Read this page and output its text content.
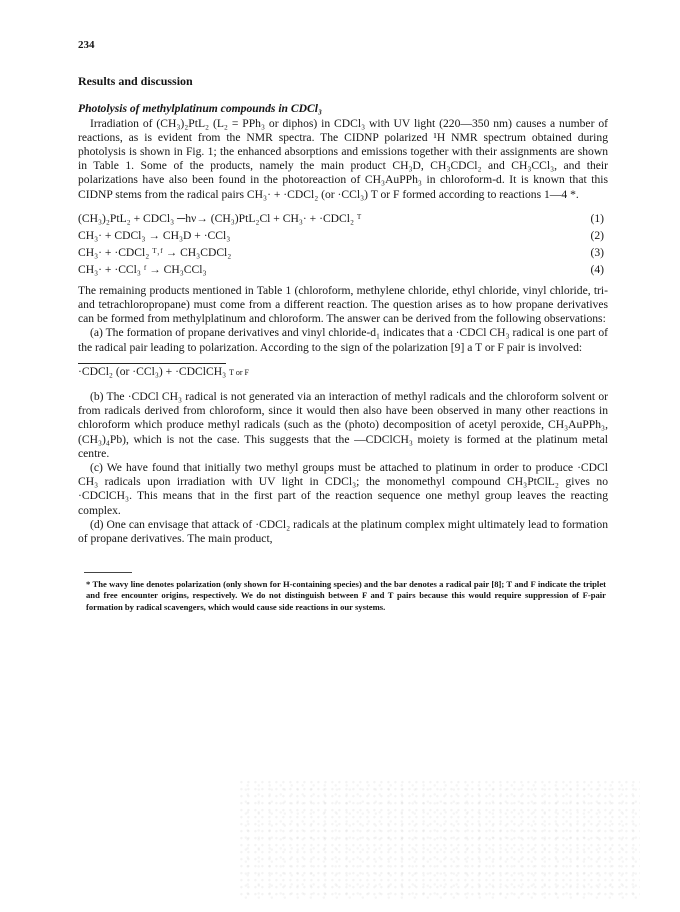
234
Results and discussion
Photolysis of methylplatinum compounds in CDCl₃

Irradiation of (CH₃)₂PtL₂ (L₂ = PPh₃ or diphos) in CDCl₃ with UV light (220—350 nm) causes a number of reactions, as is evident from the NMR spectra. The CIDNP polarized ¹H NMR spectrum obtained during photolysis is shown in Fig. 1; the enhanced absorptions and emissions together with their assignments are shown in Table 1. Some of the products, namely the main product CH₃D, CH₃CDCl₂ and CH₃CCl₃, and their polarizations have also been found in the photoreaction of CH₃AuPPh₃ in chloroform-d. It is known that this CIDNP stems from the radical pairs CH₃· + ·CDCl₂ (or ·CCl₃) T or F formed according to reactions 1—4 *.

(CH₃)₂PtL₂ + CDCl₃ ─hν→ (CH₃)PtL₂Cl + CH₃· + ·CDCl₂ ᵀ	(1)
CH₃· + CDCl₃ → CH₃D + ·CCl₃	(2)
CH₃· + ·CDCl₂ ᵀ˒ᶠ → CH₃CDCl₂	(3)
CH₃· + ·CCl₃ ᶠ → CH₃CCl₃	(4)

The remaining products mentioned in Table 1 (chloroform, methylene chloride, ethyl chloride, vinyl chloride, tri- and tetrachloropropane) must come from a different reaction. The question arises as to how propane derivatives can be formed from methylplatinum and chloroform. The answer can be derived from the following observations:

(a) The formation of propane derivatives and vinyl chloride-d₁ indicates that a ·CDCl CH₃ radical is one part of the radical pair leading to polarization. According to the sign of the polarization [9] a T or F pair is involved:

·CDCl₂ (or ·CCl₃) + ·CDClCH₃ T or F

(b) The ·CDCl CH₃ radical is not generated via an interaction of methyl radicals and the chloroform solvent or from radicals derived from chloroform, since it would then also have been observed in many other reactions in chloroform which produce methyl radicals (such as the (photo) decomposition of acetyl peroxide, CH₃AuPPh₃, (CH₃)₄Pb), which is not the case. This suggests that the —CDClCH₃ moiety is formed at the platinum metal centre.

(c) We have found that initially two methyl groups must be attached to platinum in order to produce ·CDCl CH₃ radicals upon irradiation with UV light in CDCl₃; the monomethyl compound CH₃PtClL₂ gives no ·CDClCH₃. This means that in the first part of the reaction sequence one methyl group leaves the reacting complex.

(d) One can envisage that attack of ·CDCl₂ radicals at the platinum complex might ultimately lead to formation of propane derivatives. The main product,

* The wavy line denotes polarization (only shown for H-containing species) and the bar denotes a radical pair [8]; T and F indicate the triplet and free encounter origins, respectively. We do not distinguish between F and T pairs because this would require suppression of F-pair formation by radical scavengers, which would cause side reactions in our systems.
